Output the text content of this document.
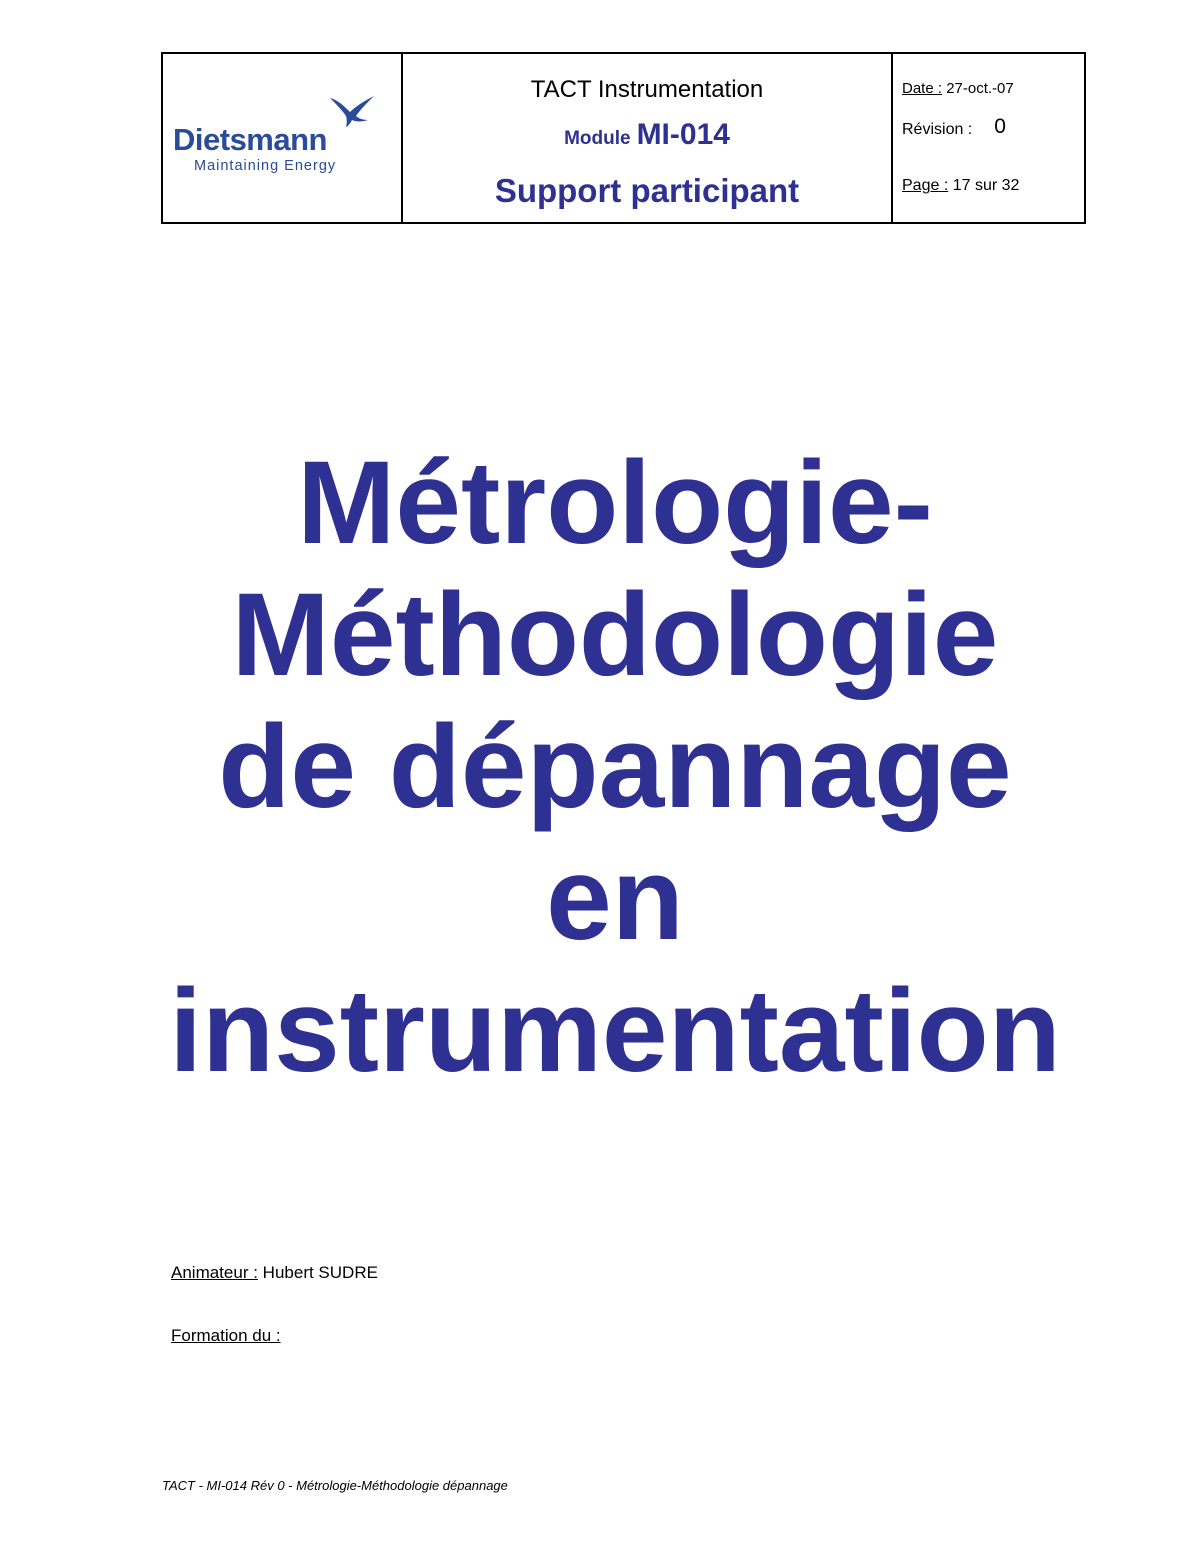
Dietsmann
Maintaining Energy
TACT Instrumentation
Module MI-014
Support participant
Date : 27-oct.-07
Révision : 0
Page : 17 sur 32
Métrologie-
Méthodologie
de dépannage
en
instrumentation
Animateur : Hubert SUDRE
Formation du :
TACT - MI-014 Rév 0 - Métrologie-Méthodologie dépannage
